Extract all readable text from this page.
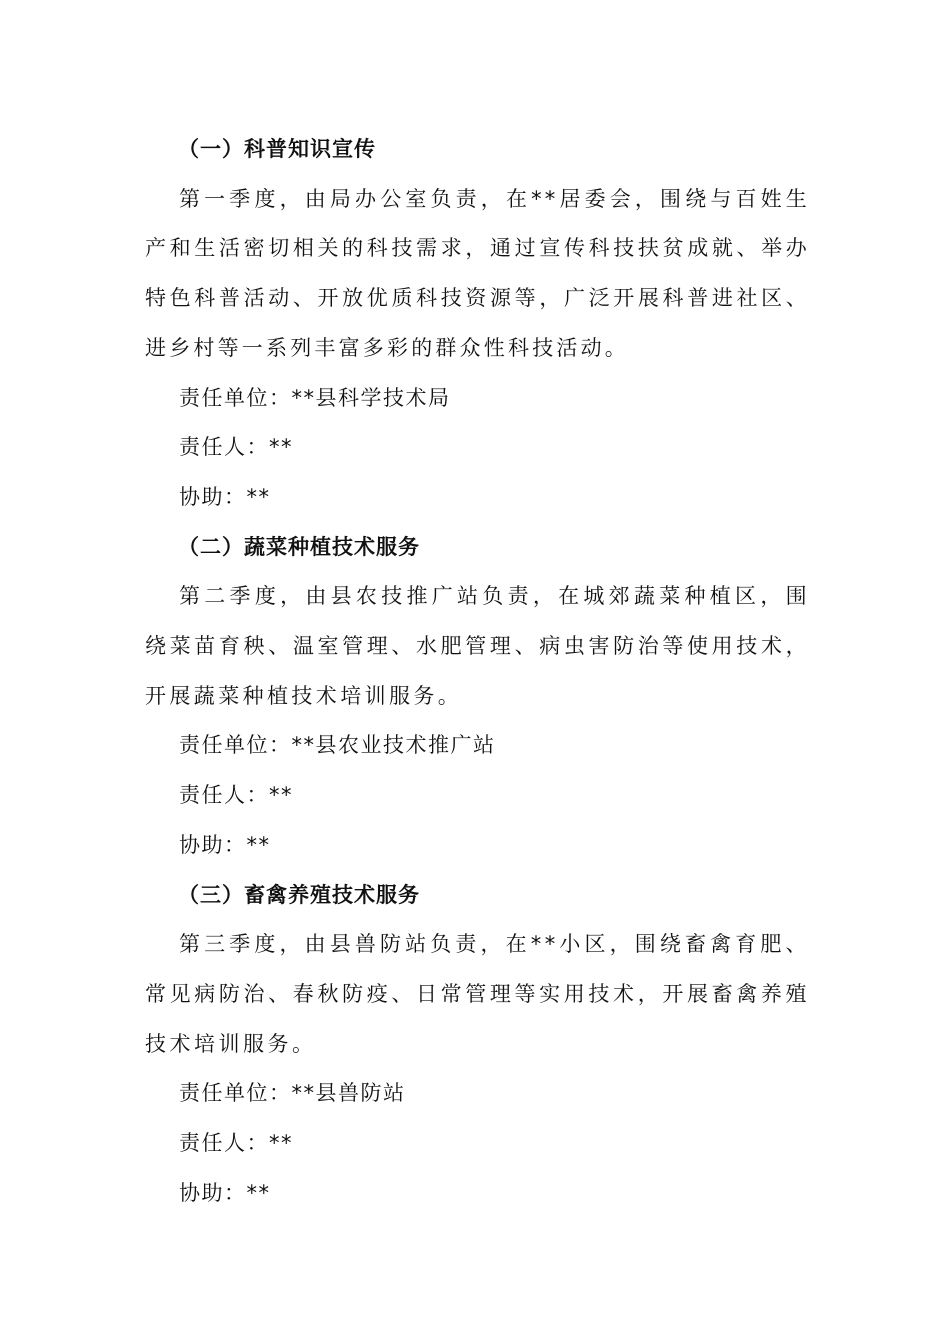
（一）科普知识宣传

第一季度，由局办公室负责，在**居委会，围绕与百姓生产和生活密切相关的科技需求，通过宣传科技扶贫成就、举办特色科普活动、开放优质科技资源等，广泛开展科普进社区、进乡村等一系列丰富多彩的群众性科技活动。

责任单位：**县科学技术局
责任人：**
协助：**
（二）蔬菜种植技术服务

第二季度，由县农技推广站负责，在城郊蔬菜种植区，围绕菜苗育秧、温室管理、水肥管理、病虫害防治等使用技术，开展蔬菜种植技术培训服务。

责任单位：**县农业技术推广站
责任人：**
协助：**
（三）畜禽养殖技术服务

第三季度，由县兽防站负责，在**小区，围绕畜禽育肥、常见病防治、春秋防疫、日常管理等实用技术，开展畜禽养殖技术培训服务。

责任单位：**县兽防站
责任人：**
协助：**
